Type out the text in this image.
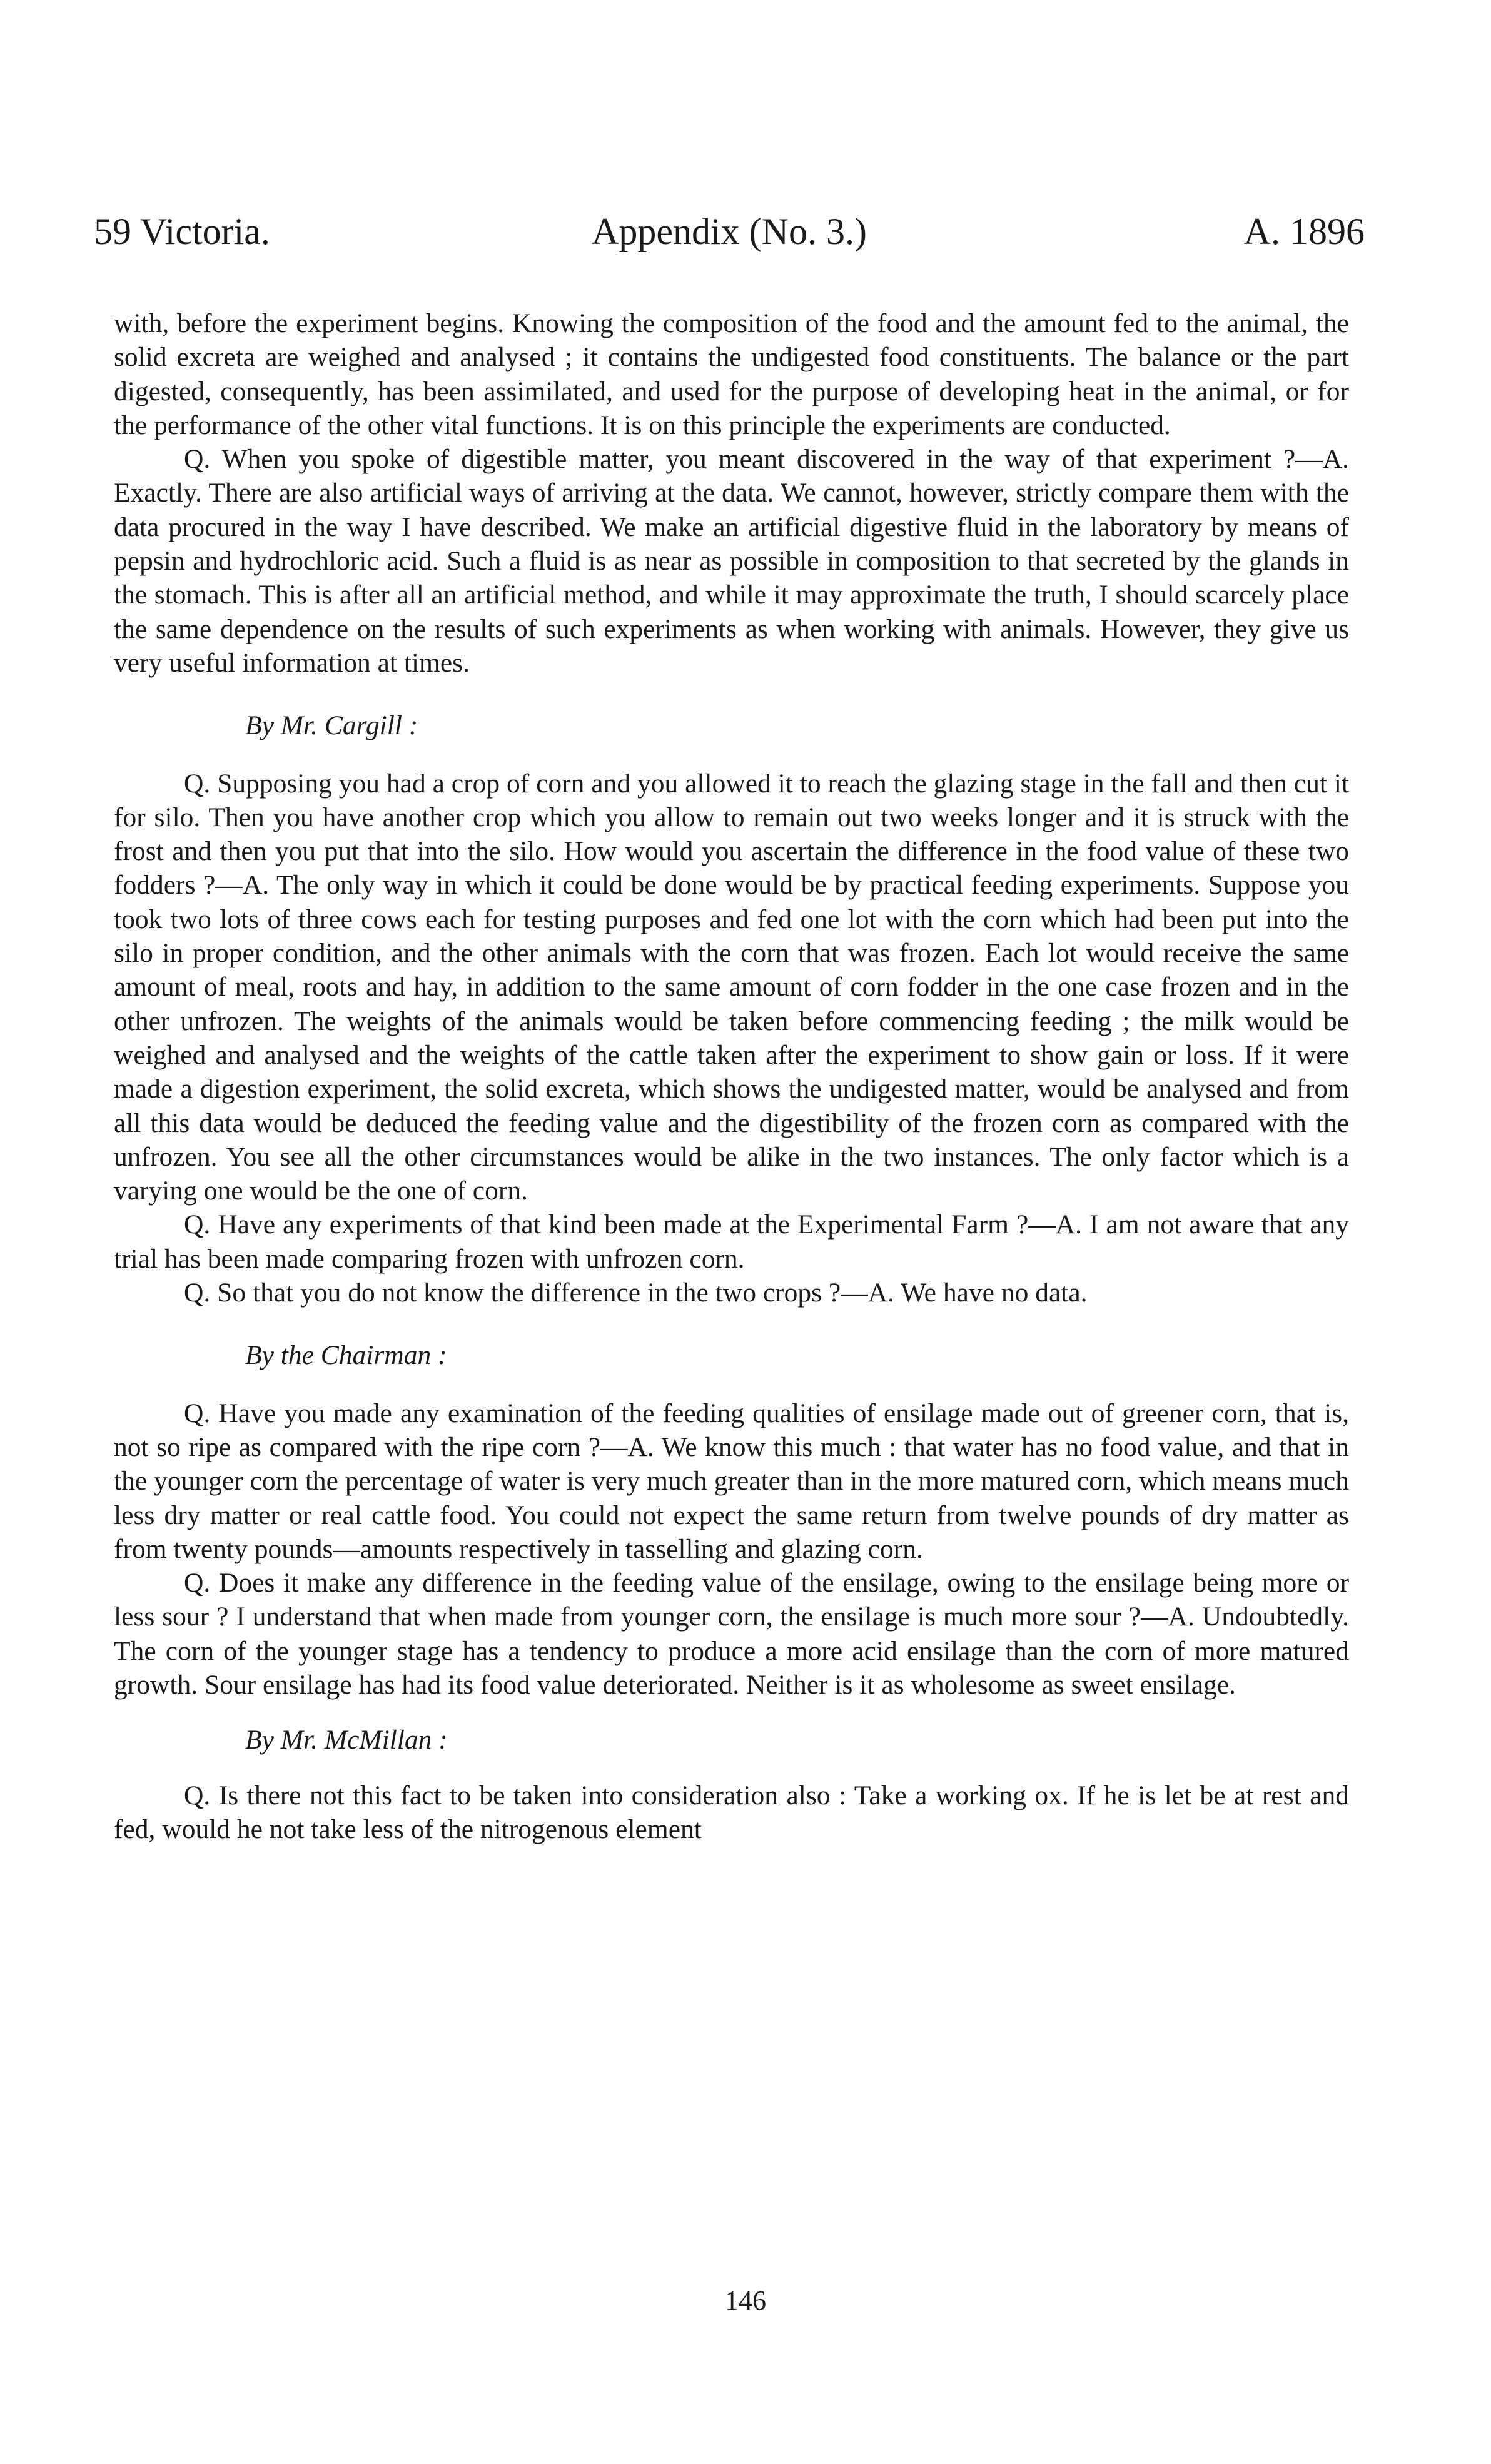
59 Victoria.	Appendix (No. 3.)	A. 1896

with, before the experiment begins. Knowing the composition of the food and the amount fed to the animal, the solid excreta are weighed and analysed ; it contains the undigested food constituents. The balance or the part digested, consequently, has been assimilated, and used for the purpose of developing heat in the animal, or for the performance of the other vital functions. It is on this principle the experiments are conducted.

Q. When you spoke of digestible matter, you meant discovered in the way of that experiment ?—A. Exactly. There are also artificial ways of arriving at the data. We cannot, however, strictly compare them with the data procured in the way I have described. We make an artificial digestive fluid in the laboratory by means of pepsin and hydrochloric acid. Such a fluid is as near as possible in composition to that secreted by the glands in the stomach. This is after all an artificial method, and while it may approximate the truth, I should scarcely place the same dependence on the results of such experiments as when working with animals. However, they give us very useful information at times.

By Mr. Cargill :

Q. Supposing you had a crop of corn and you allowed it to reach the glazing stage in the fall and then cut it for silo. Then you have another crop which you allow to remain out two weeks longer and it is struck with the frost and then you put that into the silo. How would you ascertain the difference in the food value of these two fodders ?—A. The only way in which it could be done would be by practical feeding experiments. Suppose you took two lots of three cows each for testing purposes and fed one lot with the corn which had been put into the silo in proper condition, and the other animals with the corn that was frozen. Each lot would receive the same amount of meal, roots and hay, in addition to the same amount of corn fodder in the one case frozen and in the other unfrozen. The weights of the animals would be taken before commencing feeding ; the milk would be weighed and analysed and the weights of the cattle taken after the experiment to show gain or loss. If it were made a digestion experiment, the solid excreta, which shows the undigested matter, would be analysed and from all this data would be deduced the feeding value and the digestibility of the frozen corn as compared with the unfrozen. You see all the other circumstances would be alike in the two instances. The only factor which is a varying one would be the one of corn.

Q. Have any experiments of that kind been made at the Experimental Farm ?—A. I am not aware that any trial has been made comparing frozen with unfrozen corn.

Q. So that you do not know the difference in the two crops ?—A. We have no data.

By the Chairman :

Q. Have you made any examination of the feeding qualities of ensilage made out of greener corn, that is, not so ripe as compared with the ripe corn ?—A. We know this much : that water has no food value, and that in the younger corn the percentage of water is very much greater than in the more matured corn, which means much less dry matter or real cattle food. You could not expect the same return from twelve pounds of dry matter as from twenty pounds—amounts respectively in tasselling and glazing corn.

Q. Does it make any difference in the feeding value of the ensilage, owing to the ensilage being more or less sour ? I understand that when made from younger corn, the ensilage is much more sour ?—A. Undoubtedly. The corn of the younger stage has a tendency to produce a more acid ensilage than the corn of more matured growth. Sour ensilage has had its food value deteriorated. Neither is it as wholesome as sweet ensilage.

By Mr. McMillan :

Q. Is there not this fact to be taken into consideration also : Take a working ox. If he is let be at rest and fed, would he not take less of the nitrogenous element

146
